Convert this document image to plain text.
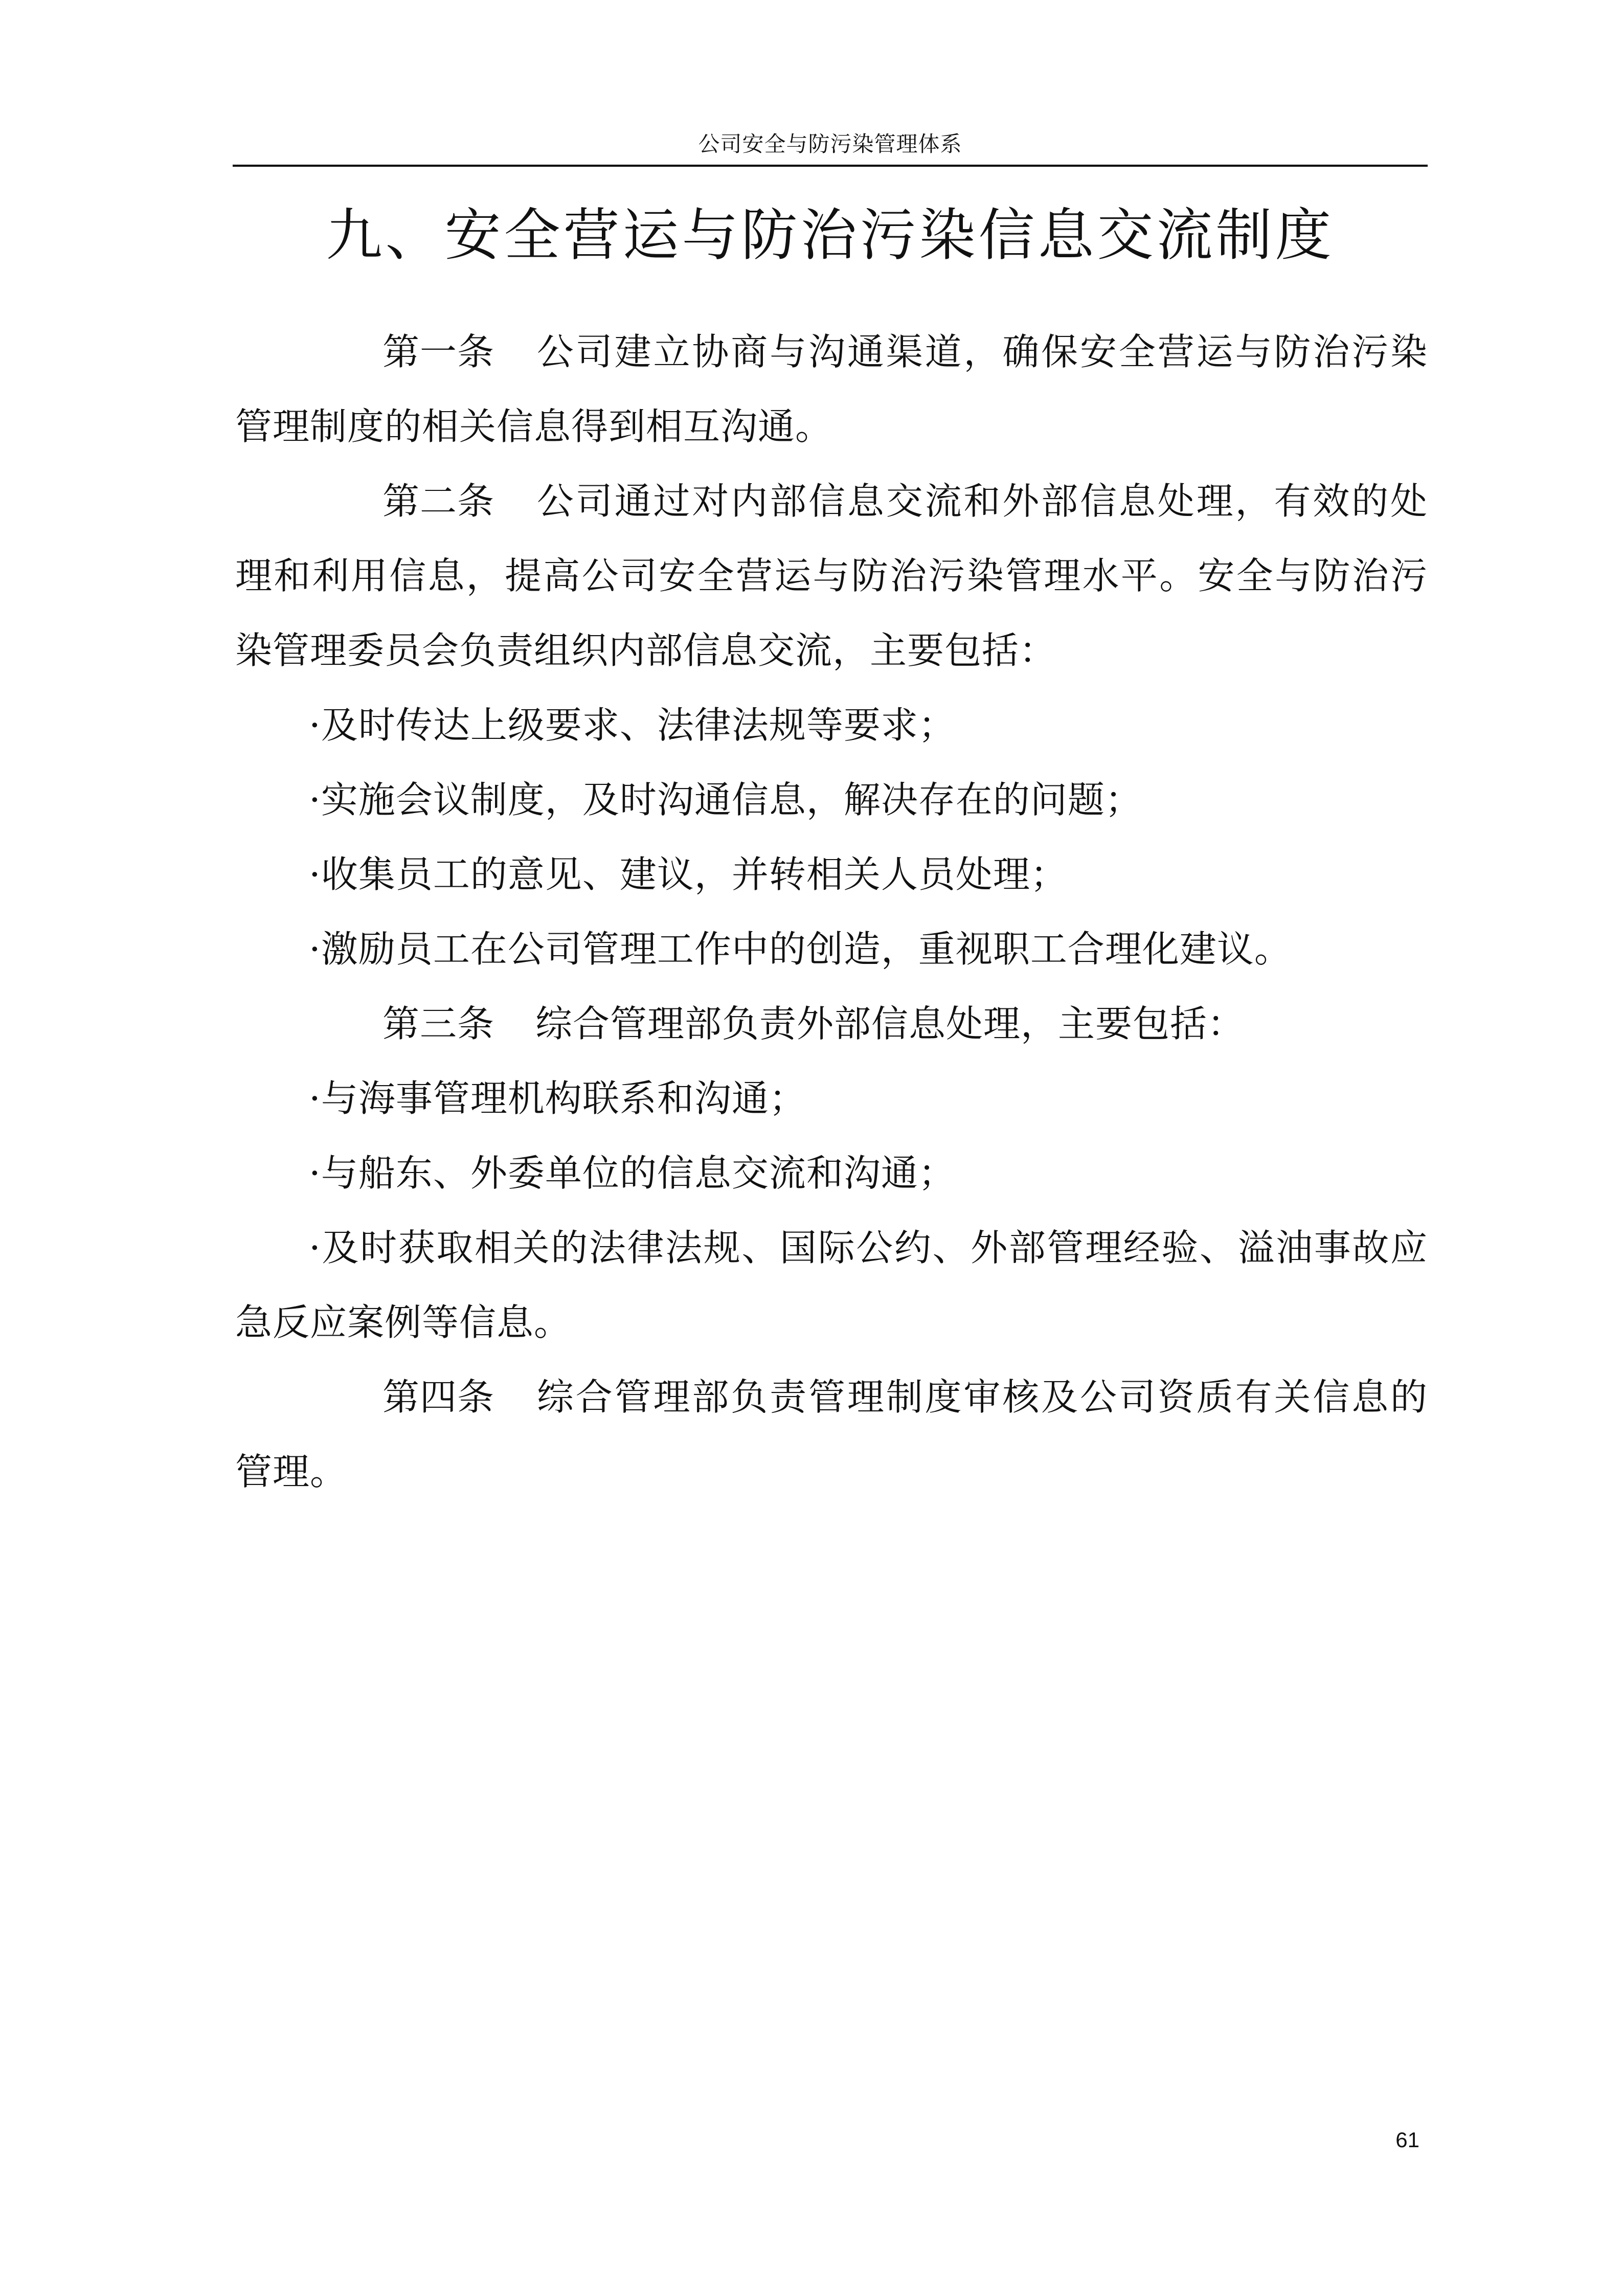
公司安全与防污染管理体系
九、安全营运与防治污染信息交流制度

第一条 公司建立协商与沟通渠道，确保安全营运与防治污染管理制度的相关信息得到相互沟通。

第二条 公司通过对内部信息交流和外部信息处理，有效的处理和利用信息，提高公司安全营运与防治污染管理水平。安全与防治污染管理委员会负责组织内部信息交流，主要包括：

·及时传达上级要求、法律法规等要求；

·实施会议制度，及时沟通信息，解决存在的问题；

·收集员工的意见、建议，并转相关人员处理；

·激励员工在公司管理工作中的创造，重视职工合理化建议。

第三条 综合管理部负责外部信息处理，主要包括：

·与海事管理机构联系和沟通；

·与船东、外委单位的信息交流和沟通；

·及时获取相关的法律法规、国际公约、外部管理经验、溢油事故应急反应案例等信息。

第四条 综合管理部负责管理制度审核及公司资质有关信息的管理。

61
